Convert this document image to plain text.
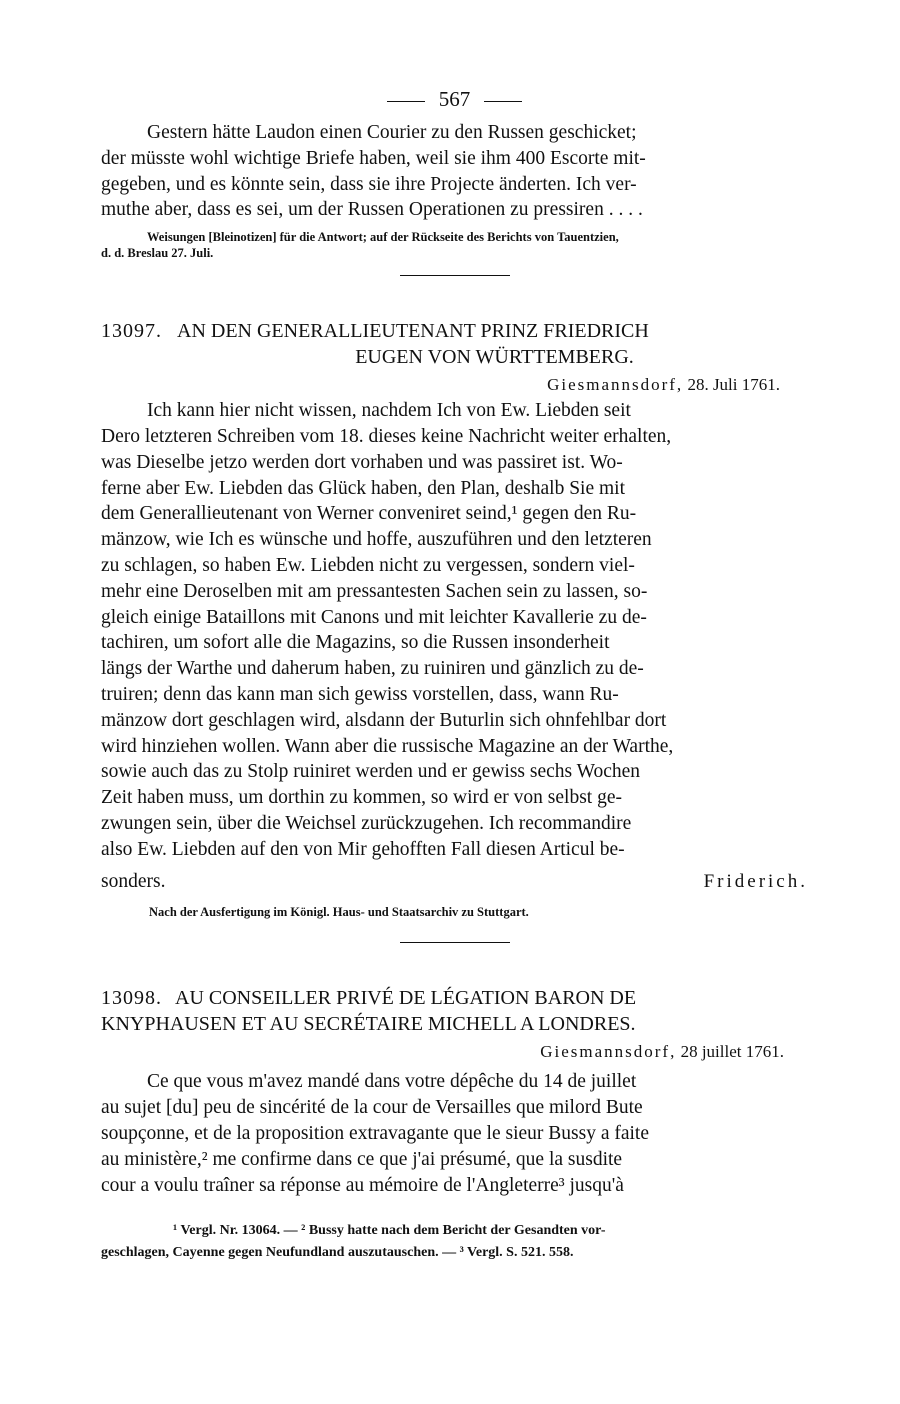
567
Gestern hätte Laudon einen Courier zu den Russen geschicket;
der müsste wohl wichtige Briefe haben, weil sie ihm 400 Escorte mit-
gegeben, und es könnte sein, dass sie ihre Projecte änderten. Ich ver-
muthe aber, dass es sei, um der Russen Operationen zu pressiren . . . .
Weisungen [Bleinotizen] für die Antwort; auf der Rückseite des Berichts von Tauentzien,
d. d. Breslau 27. Juli.
13097. AN DEN GENERALLIEUTENANT PRINZ FRIEDRICH
EUGEN VON WÜRTTEMBERG.
Giesmannsdorf, 28. Juli 1761.
Ich kann hier nicht wissen, nachdem Ich von Ew. Liebden seit
Dero letzteren Schreiben vom 18. dieses keine Nachricht weiter erhalten,
was Dieselbe jetzo werden dort vorhaben und was passiret ist. Wo-
ferne aber Ew. Liebden das Glück haben, den Plan, deshalb Sie mit
dem Generallieutenant von Werner conveniret seind,¹ gegen den Ru-
mänzow, wie Ich es wünsche und hoffe, auszuführen und den letzteren
zu schlagen, so haben Ew. Liebden nicht zu vergessen, sondern viel-
mehr eine Deroselben mit am pressantesten Sachen sein zu lassen, so-
gleich einige Bataillons mit Canons und mit leichter Kavallerie zu de-
tachiren, um sofort alle die Magazins, so die Russen insonderheit
längs der Warthe und daherum haben, zu ruiniren und gänzlich zu de-
truiren; denn das kann man sich gewiss vorstellen, dass, wann Ru-
mänzow dort geschlagen wird, alsdann der Buturlin sich ohnfehlbar dort
wird hinziehen wollen. Wann aber die russische Magazine an der Warthe,
sowie auch das zu Stolp ruiniret werden und er gewiss sechs Wochen
Zeit haben muss, um dorthin zu kommen, so wird er von selbst ge-
zwungen sein, über die Weichsel zurückzugehen. Ich recommandire
also Ew. Liebden auf den von Mir gehofften Fall diesen Articul be-
sonders.	Friderich.
Nach der Ausfertigung im Königl. Haus- und Staatsarchiv zu Stuttgart.
13098. AU CONSEILLER PRIVÉ DE LÉGATION BARON DE
KNYPHAUSEN ET AU SECRÉTAIRE MICHELL A LONDRES.
Giesmannsdorf, 28 juillet 1761.
Ce que vous m'avez mandé dans votre dépêche du 14 de juillet
au sujet [du] peu de sincérité de la cour de Versailles que milord Bute
soupçonne, et de la proposition extravagante que le sieur Bussy a faite
au ministère,² me confirme dans ce que j'ai présumé, que la susdite
cour a voulu traîner sa réponse au mémoire de l'Angleterre³ jusqu'à
¹ Vergl. Nr. 13064. — ² Bussy hatte nach dem Bericht der Gesandten vor-
geschlagen, Cayenne gegen Neufundland auszutauschen. — ³ Vergl. S. 521. 558.
